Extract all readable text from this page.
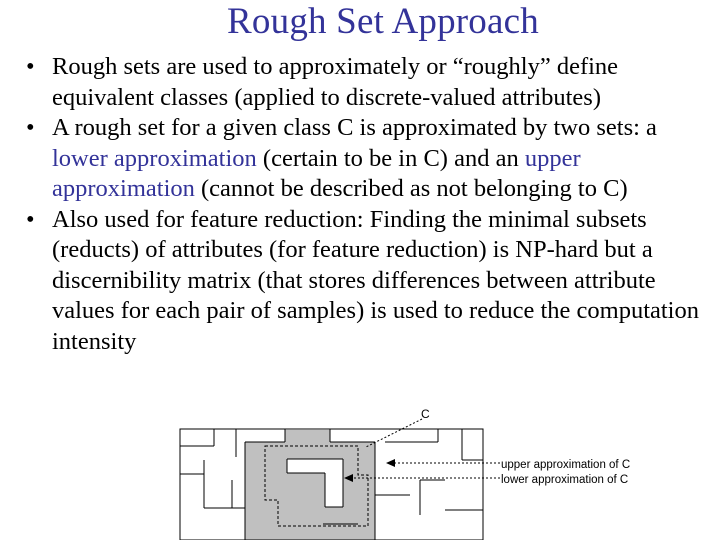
Rough Set Approach
• Rough sets are used to approximately or “roughly” define equivalent classes (applied to discrete-valued attributes)
• A rough set for a given class C is approximated by two sets: a lower approximation (certain to be in C) and an upper approximation (cannot be described as not belonging to C)
• Also used for feature reduction: Finding the minimal subsets (reducts) of attributes (for feature reduction) is NP-hard but a discernibility matrix (that stores differences between attribute values for each pair of samples) is used to reduce the computation intensity
C
upper approximation of C
lower approximation of C
